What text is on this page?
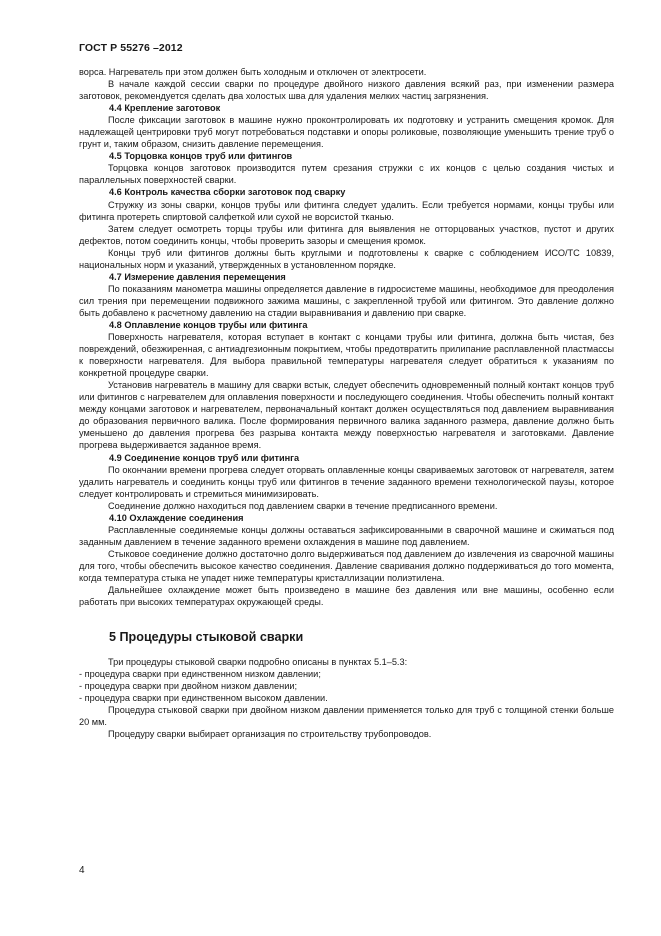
ГОСТ Р 55276 –2012

ворса. Нагреватель при этом должен быть холодным и отключен от электросети.

В начале каждой сессии сварки по процедуре двойного низкого давления всякий раз, при изменении размера заготовок, рекомендуется сделать два холостых шва для удаления мелких частиц загрязнения.

4.4 Крепление заготовок

После фиксации заготовок в машине нужно проконтролировать их подготовку и устранить смещения кромок. Для надлежащей центрировки труб могут потребоваться подставки и опоры роликовые, позволяющие уменьшить трение труб о грунт и, таким образом, снизить давление перемещения.

4.5 Торцовка концов труб или фитингов

Торцовка концов заготовок производится путем срезания стружки с их концов с целью создания чистых и параллельных поверхностей сварки.

4.6 Контроль качества сборки заготовок под сварку

Стружку из зоны сварки, концов трубы или фитинга следует удалить. Если требуется нормами, концы трубы или фитинга протереть спиртовой салфеткой или сухой не ворсистой тканью.

Затем следует осмотреть торцы трубы или фитинга для выявления не отторцованых участков, пустот и других дефектов, потом соединить концы, чтобы проверить зазоры и смещения кромок.

Концы труб или фитингов должны быть круглыми и подготовлены к сварке с соблюдением ИСО/ТС 10839, национальных норм и указаний, утвержденных в установленном порядке.

4.7 Измерение давления перемещения

По показаниям манометра машины определяется давление в гидросистеме машины, необходимое для преодоления сил трения при перемещении подвижного зажима машины, с закрепленной трубой или фитингом. Это давление должно быть добавлено к расчетному давлению на стадии выравнивания и давлению при сварке.

4.8 Оплавление концов трубы или фитинга

Поверхность нагревателя, которая вступает в контакт с концами трубы или фитинга, должна быть чистая, без повреждений, обезжиренная, с антиадгезионным покрытием, чтобы предотвратить прилипание расплавленной пластмассы к поверхности нагревателя. Для выбора правильной температуры нагревателя следует обратиться к указаниям по конкретной процедуре сварки.

Установив нагреватель в машину для сварки встык, следует обеспечить одновременный полный контакт концов труб или фитингов с нагревателем для оплавления поверхности и последующего соединения. Чтобы обеспечить полный контакт между концами заготовок и нагревателем, первоначальный контакт должен осуществляться под давлением выравнивания до образования первичного валика. После формирования первичного валика заданного размера, давление должно быть уменьшено до давления прогрева без разрыва контакта между поверхностью нагревателя и заготовками. Давление прогрева выдерживается заданное время.

4.9 Соединение концов труб или фитинга

По окончании времени прогрева следует оторвать оплавленные концы свариваемых заготовок от нагревателя, затем удалить нагреватель и соединить концы труб или фитингов в течение заданного времени технологической паузы, которое следует контролировать и стремиться минимизировать.

Соединение должно находиться под давлением сварки в течение предписанного времени.

4.10 Охлаждение соединения

Расплавленные соединяемые концы должны оставаться зафиксированными в сварочной машине и сжиматься под заданным давлением в течение заданного времени охлаждения в машине под давлением.

Стыковое соединение должно достаточно долго выдерживаться под давлением до извлечения из сварочной машины для того, чтобы обеспечить высокое качество соединения. Давление сваривания должно поддерживаться до того момента, когда температура стыка не упадет ниже температуры кристаллизации полиэтилена.

Дальнейшее охлаждение может быть произведено в машине без давления или вне машины, особенно если работать при высоких температурах окружающей среды.

5 Процедуры стыковой сварки

Три процедуры стыковой сварки подробно описаны в пунктах 5.1–5.3:

- процедура сварки при единственном низком давлении;

- процедура сварки при двойном низком давлении;

- процедура сварки при единственном высоком давлении.

Процедура стыковой сварки при двойном низком давлении применяется только для труб с толщиной стенки больше 20 мм.

Процедуру сварки выбирает организация по строительству трубопроводов.

4
